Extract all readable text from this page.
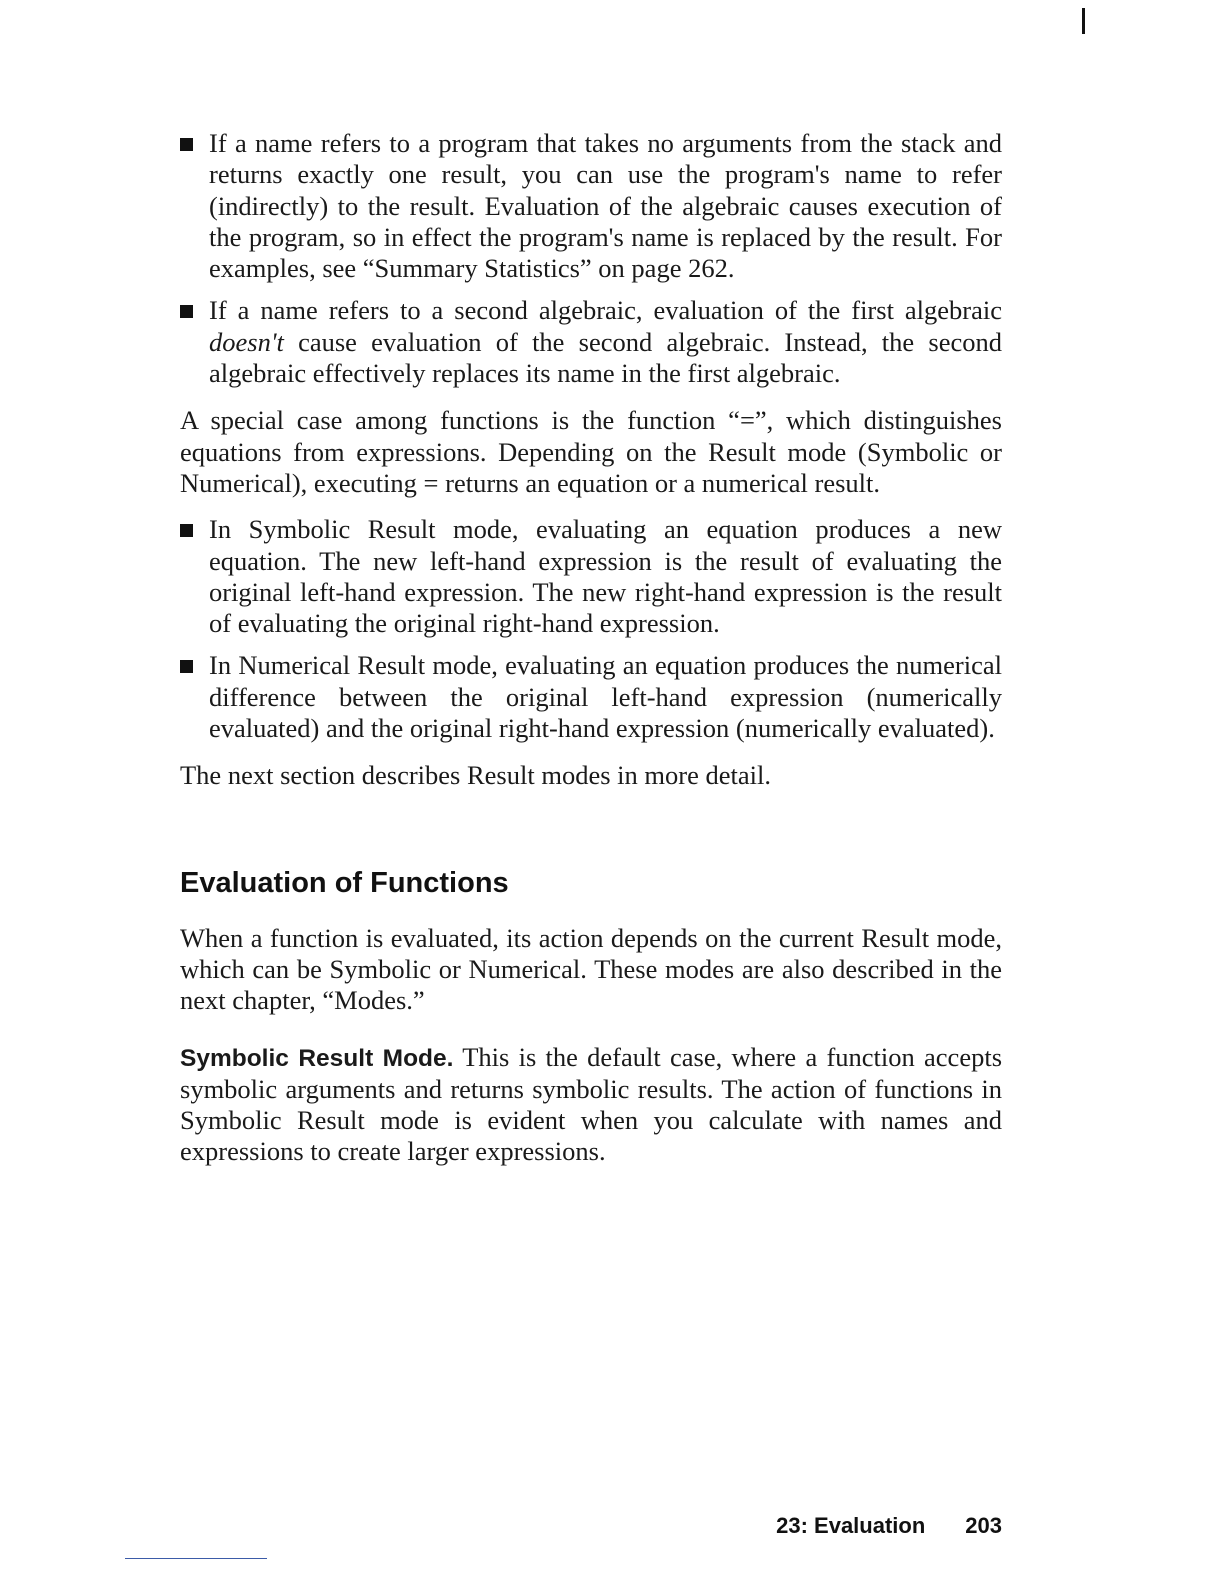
If a name refers to a program that takes no arguments from the stack and returns exactly one result, you can use the program's name to refer (indirectly) to the result. Evaluation of the algebraic causes execution of the program, so in effect the program's name is replaced by the result. For examples, see “Summary Statistics” on page 262.
If a name refers to a second algebraic, evaluation of the first algebraic doesn't cause evaluation of the second algebraic. Instead, the second algebraic effectively replaces its name in the first algebraic.

A special case among functions is the function “=”, which distinguishes equations from expressions. Depending on the Result mode (Symbolic or Numerical), executing = returns an equation or a numerical result.

In Symbolic Result mode, evaluating an equation produces a new equation. The new left-hand expression is the result of evaluating the original left-hand expression. The new right-hand expression is the result of evaluating the original right-hand expression.
In Numerical Result mode, evaluating an equation produces the numerical difference between the original left-hand expression (numerically evaluated) and the original right-hand expression (numerically evaluated).

The next section describes Result modes in more detail.

Evaluation of Functions

When a function is evaluated, its action depends on the current Result mode, which can be Symbolic or Numerical. These modes are also described in the next chapter, “Modes.”

Symbolic Result Mode. This is the default case, where a function accepts symbolic arguments and returns symbolic results. The action of functions in Symbolic Result mode is evident when you calculate with names and expressions to create larger expressions.

23: Evaluation 203
